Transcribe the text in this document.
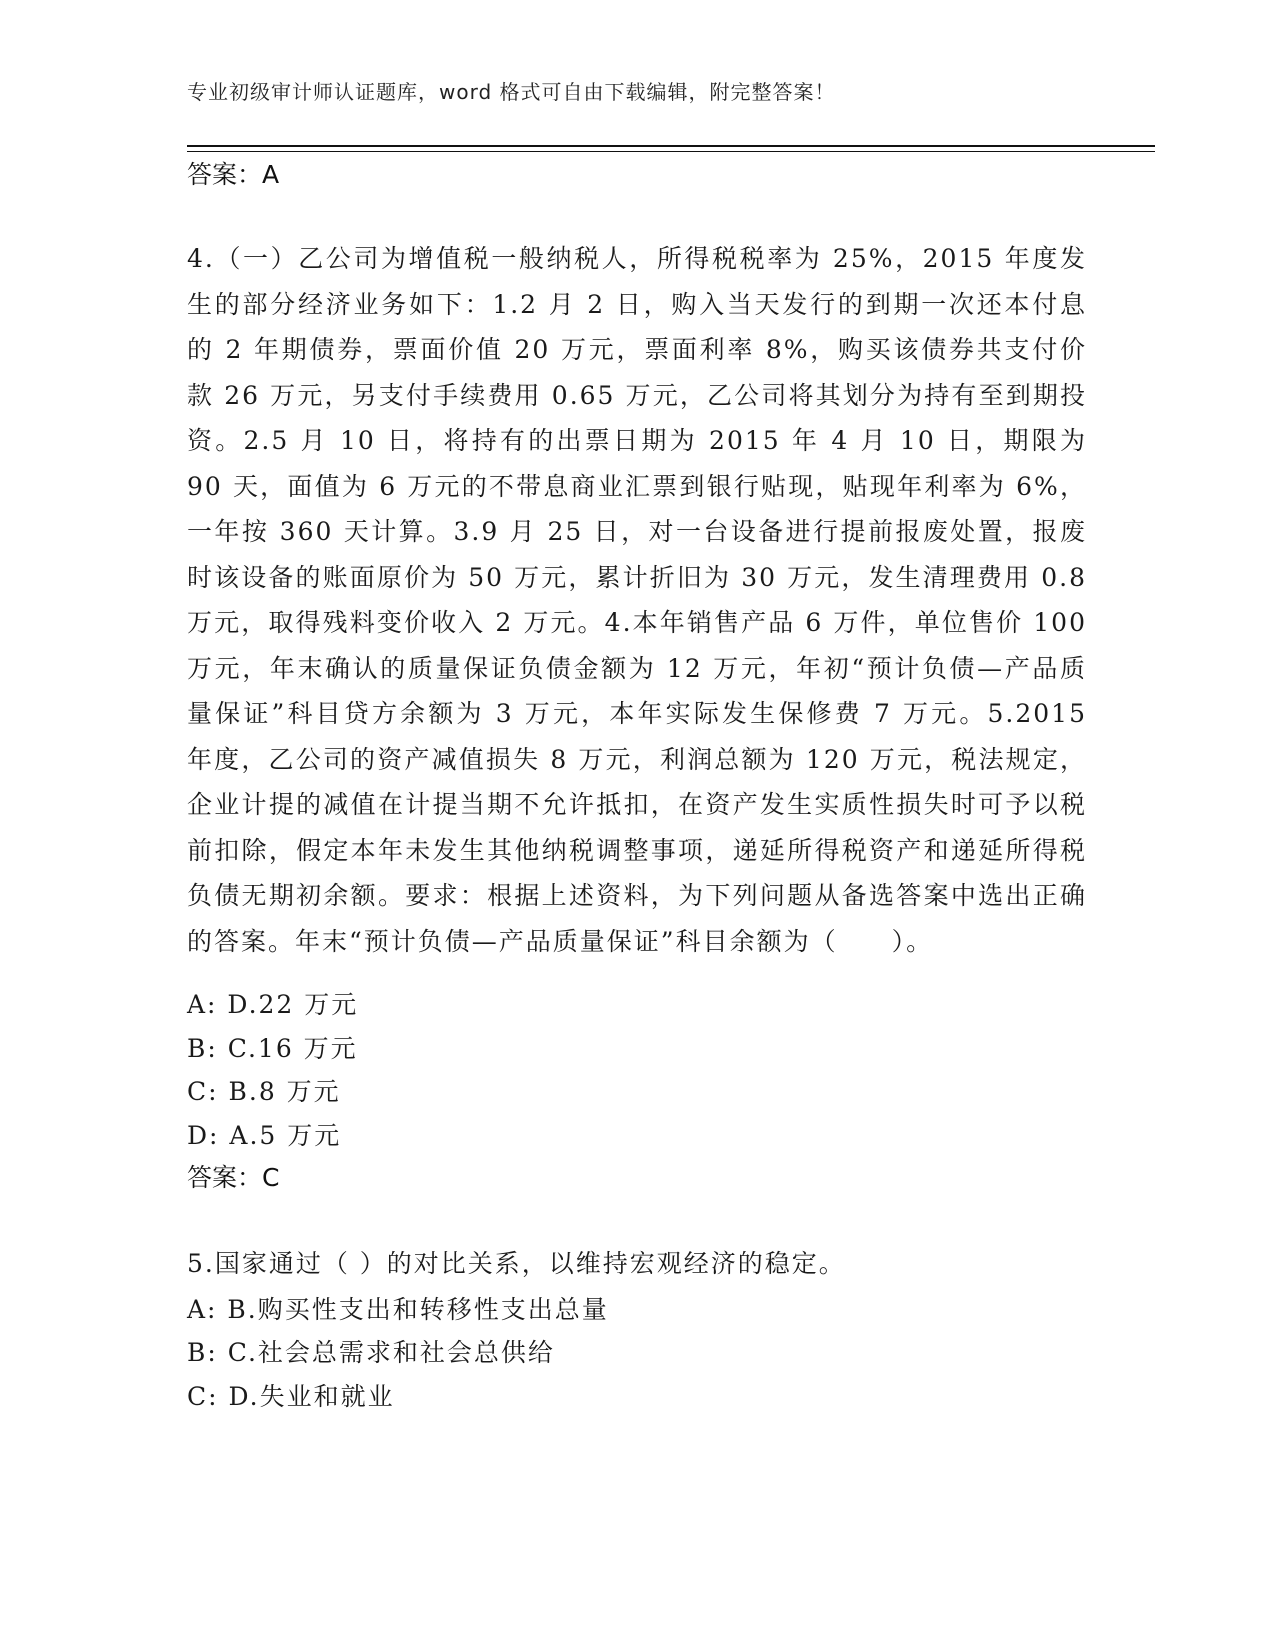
专业初级审计师认证题库，word 格式可自由下载编辑，附完整答案！
答案：A
4.（一）乙公司为增值税一般纳税人，所得税税率为 25%，2015 年度发生的部分经济业务如下：1.2 月 2 日，购入当天发行的到期一次还本付息的 2 年期债券，票面价值 20 万元，票面利率 8%，购买该债券共支付价款 26 万元，另支付手续费用 0.65 万元，乙公司将其划分为持有至到期投资。2.5 月 10 日，将持有的出票日期为 2015 年 4 月 10 日，期限为 90 天，面值为 6 万元的不带息商业汇票到银行贴现，贴现年利率为 6%，一年按 360 天计算。3.9 月 25 日，对一台设备进行提前报废处置，报废时该设备的账面原价为 50 万元，累计折旧为 30 万元，发生清理费用 0.8 万元，取得残料变价收入 2 万元。4.本年销售产品 6 万件，单位售价 100 万元，年末确认的质量保证负债金额为 12 万元，年初“预计负债—产品质量保证”科目贷方余额为 3 万元，本年实际发生保修费 7 万元。5.2015 年度，乙公司的资产减值损失 8 万元，利润总额为 120 万元，税法规定，企业计提的减值在计提当期不允许抵扣，在资产发生实质性损失时可予以税前扣除，假定本年未发生其他纳税调整事项，递延所得税资产和递延所得税负债无期初余额。要求：根据上述资料，为下列问题从备选答案中选出正确的答案。年末“预计负债—产品质量保证”科目余额为（　　）。
A: D.22 万元
B: C.16 万元
C: B.8 万元
D: A.5 万元
答案：C
5.国家通过（ ）的对比关系，以维持宏观经济的稳定。
A: B.购买性支出和转移性支出总量
B: C.社会总需求和社会总供给
C: D.失业和就业
